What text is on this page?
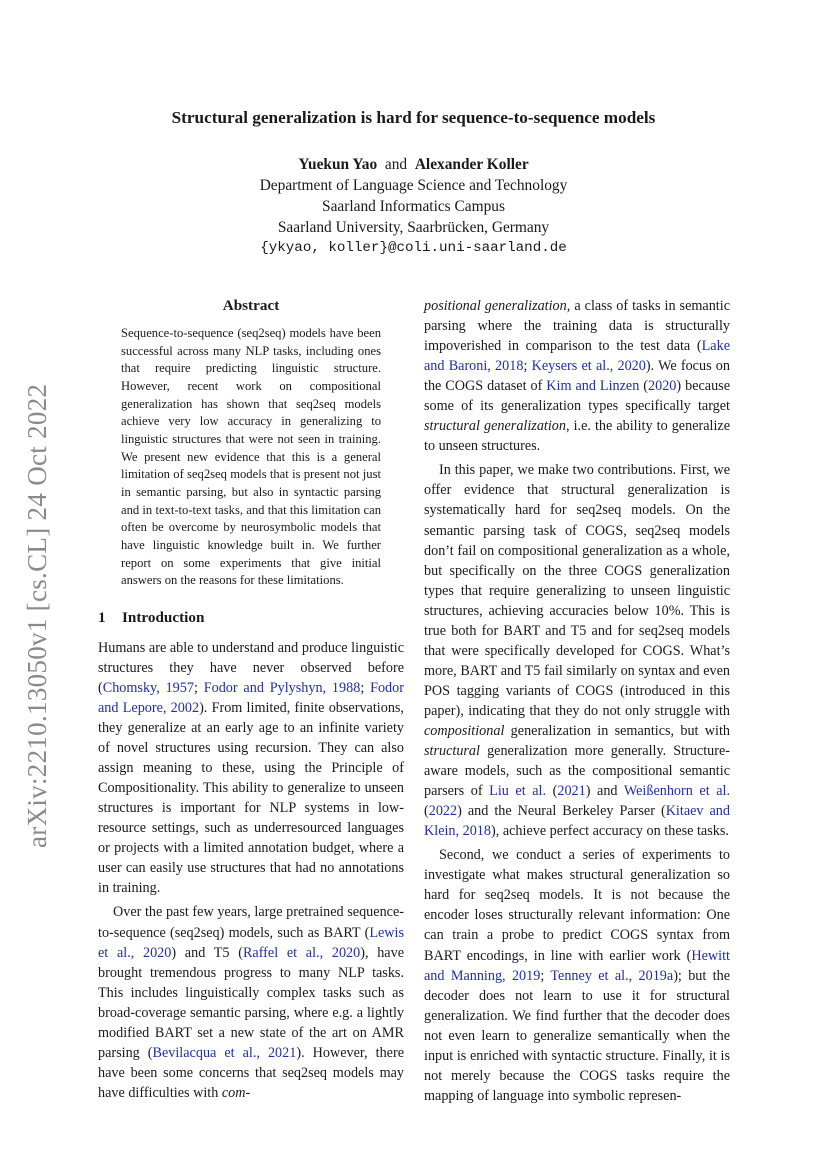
arXiv:2210.13050v1 [cs.CL] 24 Oct 2022
Structural generalization is hard for sequence-to-sequence models
Yuekun Yao and Alexander Koller
Department of Language Science and Technology
Saarland Informatics Campus
Saarland University, Saarbrücken, Germany
{ykyao, koller}@coli.uni-saarland.de
Abstract
Sequence-to-sequence (seq2seq) models have been successful across many NLP tasks, including ones that require predicting linguistic structure. However, recent work on compositional generalization has shown that seq2seq models achieve very low accuracy in generalizing to linguistic structures that were not seen in training. We present new evidence that this is a general limitation of seq2seq models that is present not just in semantic parsing, but also in syntactic parsing and in text-to-text tasks, and that this limitation can often be overcome by neurosymbolic models that have linguistic knowledge built in. We further report on some experiments that give initial answers on the reasons for these limitations.
1 Introduction

Humans are able to understand and produce linguistic structures they have never observed before (Chomsky, 1957; Fodor and Pylyshyn, 1988; Fodor and Lepore, 2002). From limited, finite observations, they generalize at an early age to an infinite variety of novel structures using recursion. They can also assign meaning to these, using the Principle of Compositionality. This ability to generalize to unseen structures is important for NLP systems in low-resource settings, such as underresourced languages or projects with a limited annotation budget, where a user can easily use structures that had no annotations in training.

Over the past few years, large pretrained sequence-to-sequence (seq2seq) models, such as BART (Lewis et al., 2020) and T5 (Raffel et al., 2020), have brought tremendous progress to many NLP tasks. This includes linguistically complex tasks such as broad-coverage semantic parsing, where e.g. a lightly modified BART set a new state of the art on AMR parsing (Bevilacqua et al., 2021). However, there have been some concerns that seq2seq models may have difficulties with com-

positional generalization, a class of tasks in semantic parsing where the training data is structurally impoverished in comparison to the test data (Lake and Baroni, 2018; Keysers et al., 2020). We focus on the COGS dataset of Kim and Linzen (2020) because some of its generalization types specifically target structural generalization, i.e. the ability to generalize to unseen structures.

In this paper, we make two contributions. First, we offer evidence that structural generalization is systematically hard for seq2seq models. On the semantic parsing task of COGS, seq2seq models don’t fail on compositional generalization as a whole, but specifically on the three COGS generalization types that require generalizing to unseen linguistic structures, achieving accuracies below 10%. This is true both for BART and T5 and for seq2seq models that were specifically developed for COGS. What’s more, BART and T5 fail similarly on syntax and even POS tagging variants of COGS (introduced in this paper), indicating that they do not only struggle with compositional generalization in semantics, but with structural generalization more generally. Structure-aware models, such as the compositional semantic parsers of Liu et al. (2021) and Weißenhorn et al. (2022) and the Neural Berkeley Parser (Kitaev and Klein, 2018), achieve perfect accuracy on these tasks.

Second, we conduct a series of experiments to investigate what makes structural generalization so hard for seq2seq models. It is not because the encoder loses structurally relevant information: One can train a probe to predict COGS syntax from BART encodings, in line with earlier work (Hewitt and Manning, 2019; Tenney et al., 2019a); but the decoder does not learn to use it for structural generalization. We find further that the decoder does not even learn to generalize semantically when the input is enriched with syntactic structure. Finally, it is not merely because the COGS tasks require the mapping of language into symbolic represen-
